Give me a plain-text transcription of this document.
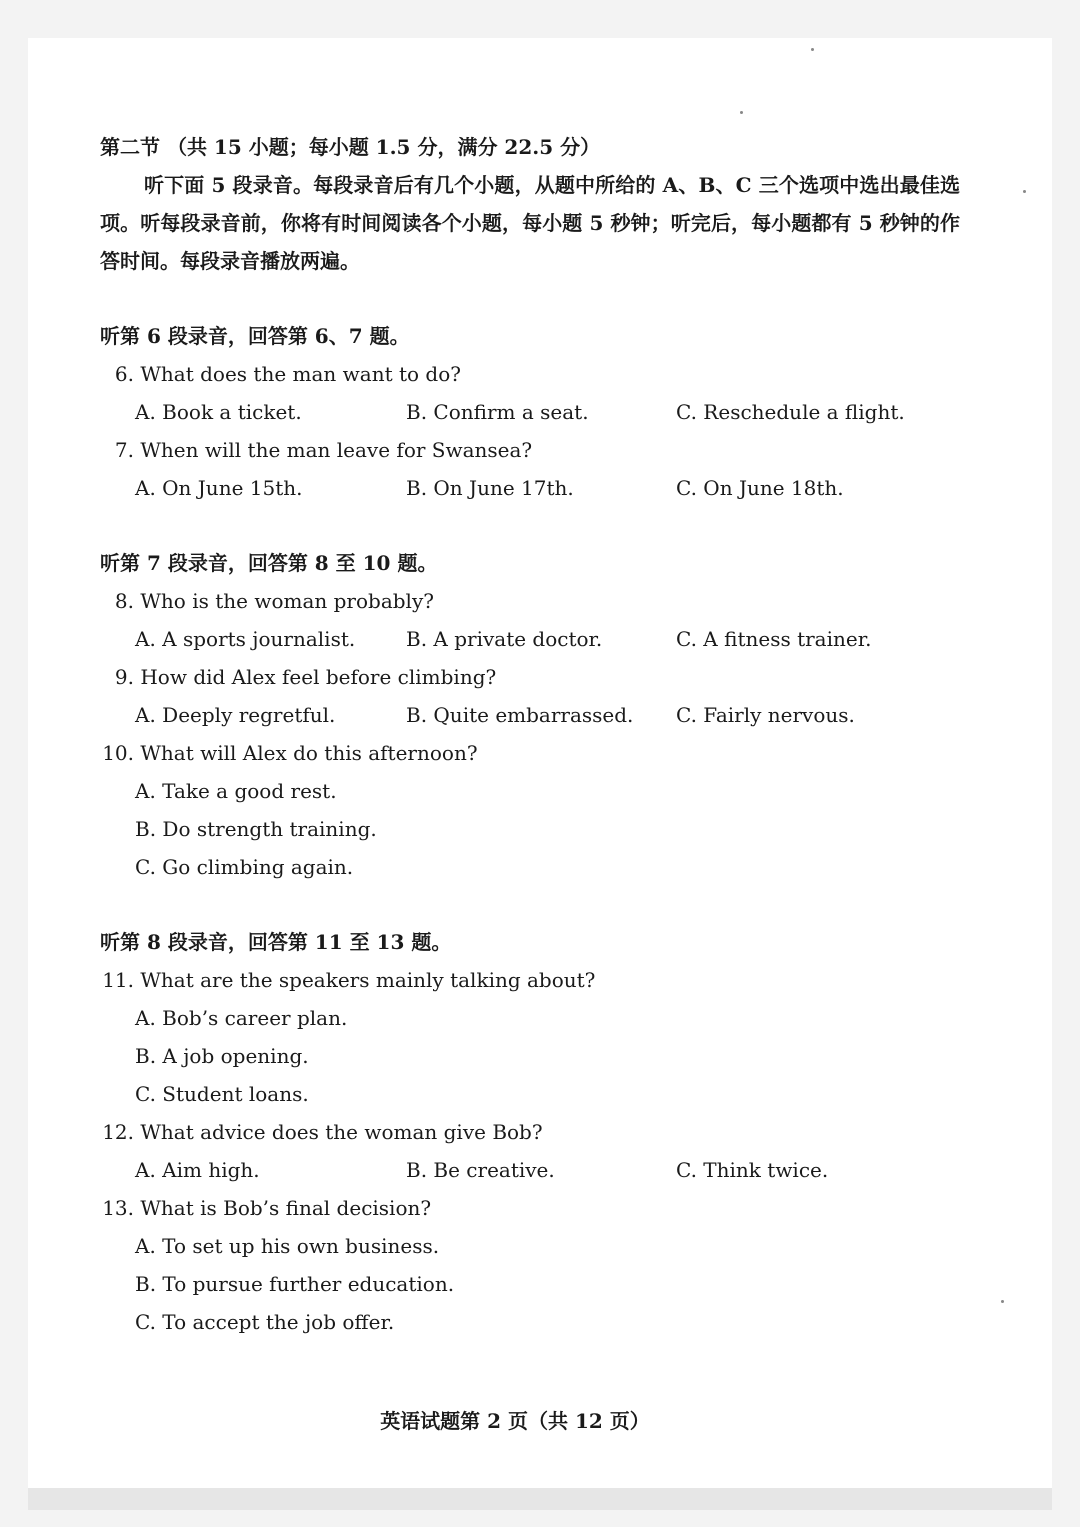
第二节 （共 15 小题；每小题 1.5 分，满分 22.5 分）

听下面 5 段录音。每段录音后有几个小题，从题中所给的 A、B、C 三个选项中选出最佳选项。听每段录音前，你将有时间阅读各个小题，每小题 5 秒钟；听完后，每小题都有 5 秒钟的作答时间。每段录音播放两遍。

听第 6 段录音，回答第 6、7 题。
6. What does the man want to do?
A. Book a ticket.	B. Confirm a seat.	C. Reschedule a flight.
7. When will the man leave for Swansea?
A. On June 15th.	B. On June 17th.	C. On June 18th.
听第 7 段录音，回答第 8 至 10 题。
8. Who is the woman probably?
A. A sports journalist.	B. A private doctor.	C. A fitness trainer.
9. How did Alex feel before climbing?
A. Deeply regretful.	B. Quite embarrassed. C. Fairly nervous.
10. What will Alex do this afternoon?
A. Take a good rest.
B. Do strength training.
C. Go climbing again.
听第 8 段录音，回答第 11 至 13 题。
11. What are the speakers mainly talking about?
A. Bob’s career plan.
B. A job opening.
C. Student loans.
12. What advice does the woman give Bob?
A. Aim high.	B. Be creative.	C. Think twice.
13. What is Bob’s final decision?
A. To set up his own business.
B. To pursue further education.
C. To accept the job offer.
英语试题第 2 页（共 12 页）
